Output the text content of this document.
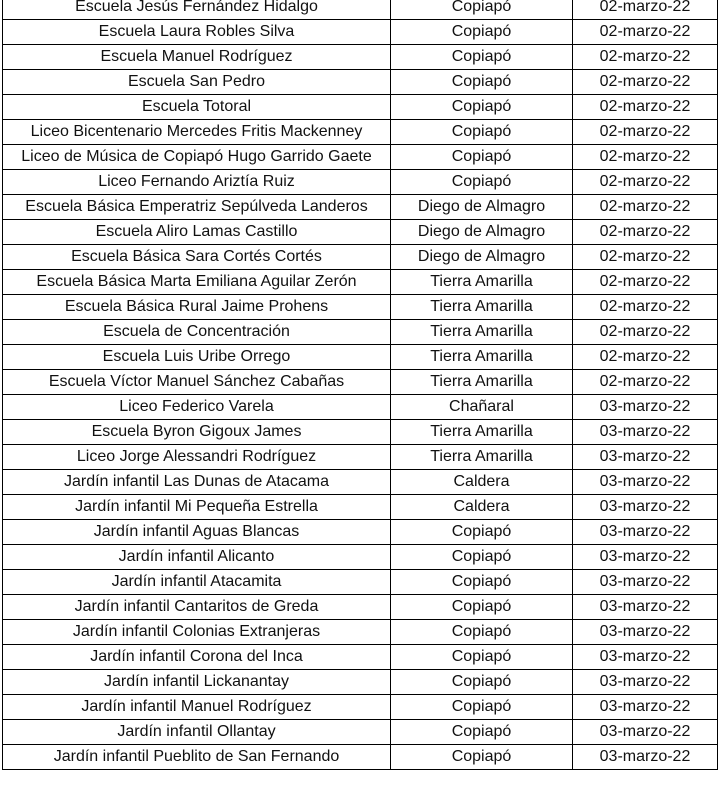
Escuela Jesús Fernández Hidalgo	Copiapó	02-marzo-22
Escuela Laura Robles Silva	Copiapó	02-marzo-22
Escuela Manuel Rodríguez	Copiapó	02-marzo-22
Escuela San Pedro	Copiapó	02-marzo-22
Escuela Totoral	Copiapó	02-marzo-22
Liceo Bicentenario Mercedes Fritis Mackenney	Copiapó	02-marzo-22
Liceo de Música de Copiapó Hugo Garrido Gaete	Copiapó	02-marzo-22
Liceo Fernando Ariztía Ruiz	Copiapó	02-marzo-22
Escuela Básica Emperatriz Sepúlveda Landeros	Diego de Almagro	02-marzo-22
Escuela Aliro Lamas Castillo	Diego de Almagro	02-marzo-22
Escuela Básica Sara Cortés Cortés	Diego de Almagro	02-marzo-22
Escuela Básica Marta Emiliana Aguilar Zerón	Tierra Amarilla	02-marzo-22
Escuela Básica Rural Jaime Prohens	Tierra Amarilla	02-marzo-22
Escuela de Concentración	Tierra Amarilla	02-marzo-22
Escuela Luis Uribe Orrego	Tierra Amarilla	02-marzo-22
Escuela Víctor Manuel Sánchez Cabañas	Tierra Amarilla	02-marzo-22
Liceo Federico Varela	Chañaral	03-marzo-22
Escuela Byron Gigoux James	Tierra Amarilla	03-marzo-22
Liceo Jorge Alessandri Rodríguez	Tierra Amarilla	03-marzo-22
Jardín infantil Las Dunas de Atacama	Caldera	03-marzo-22
Jardín infantil Mi Pequeña Estrella	Caldera	03-marzo-22
Jardín infantil Aguas Blancas	Copiapó	03-marzo-22
Jardín infantil Alicanto	Copiapó	03-marzo-22
Jardín infantil Atacamita	Copiapó	03-marzo-22
Jardín infantil Cantaritos de Greda	Copiapó	03-marzo-22
Jardín infantil Colonias Extranjeras	Copiapó	03-marzo-22
Jardín infantil Corona del Inca	Copiapó	03-marzo-22
Jardín infantil Lickanantay	Copiapó	03-marzo-22
Jardín infantil Manuel Rodríguez	Copiapó	03-marzo-22
Jardín infantil Ollantay	Copiapó	03-marzo-22
Jardín infantil Pueblito de San Fernando	Copiapó	03-marzo-22
